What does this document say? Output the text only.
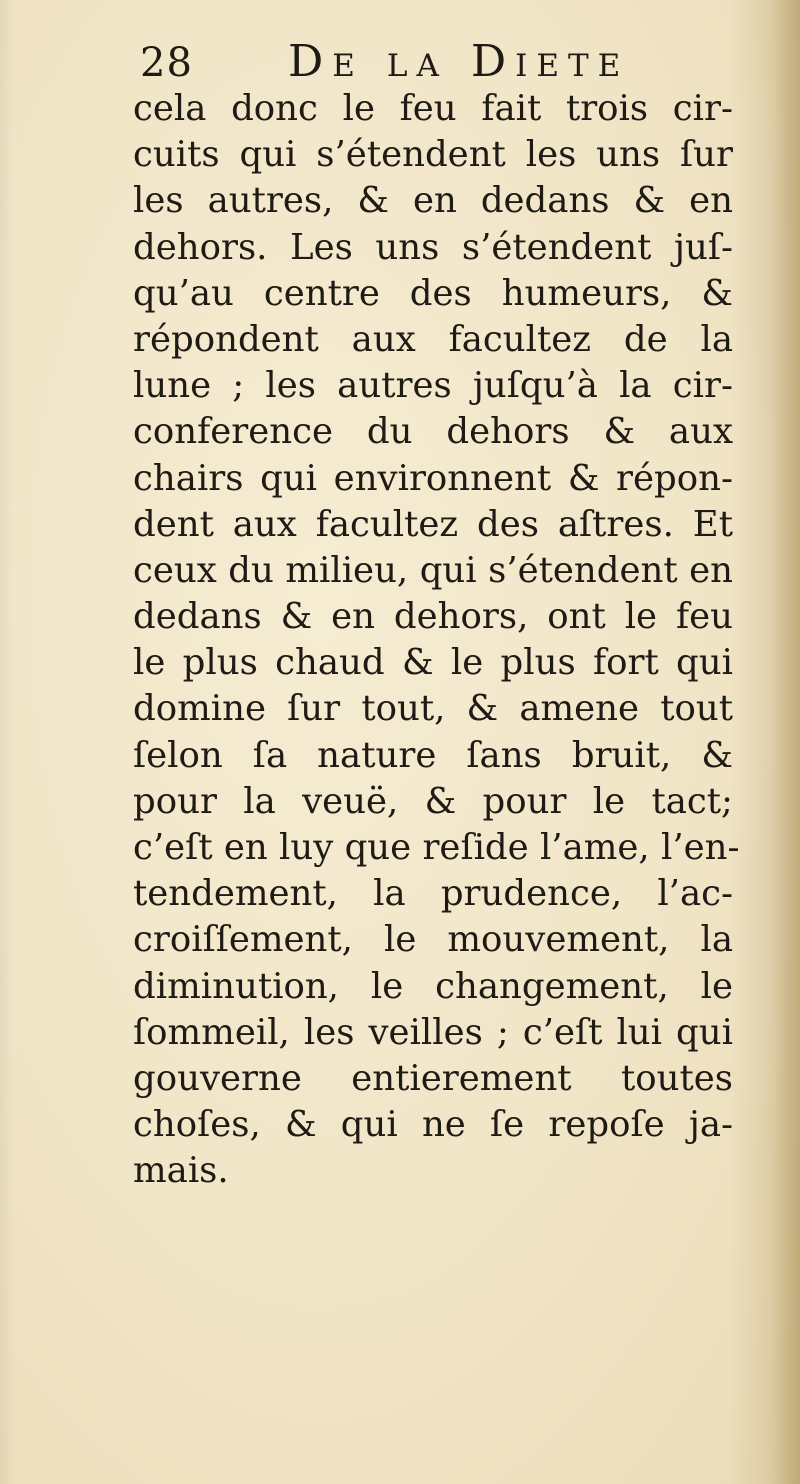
28 De la Diete
cela donc le feu fait trois cir-
cuits qui s’étendent les uns ſur
les autres, & en dedans & en
dehors. Les uns s’étendent juſ-
qu’au centre des humeurs, &
répondent aux facultez de la
lune ; les autres juſqu’à la cir-
conference du dehors & aux
chairs qui environnent & répon-
dent aux facultez des aſtres. Et
ceux du milieu, qui s’étendent en
dedans & en dehors, ont le feu
le plus chaud & le plus fort qui
domine ſur tout, & amene tout
ſelon ſa nature ſans bruit, &
pour la veuë, & pour le tact;
c’eſt en luy que reſide l’ame, l’en-
tendement, la prudence, l’ac-
croiſſement, le mouvement, la
diminution, le changement, le
ſommeil, les veilles ; c’eſt lui qui
gouverne entierement toutes
choſes, & qui ne ſe repoſe ja-
mais.
